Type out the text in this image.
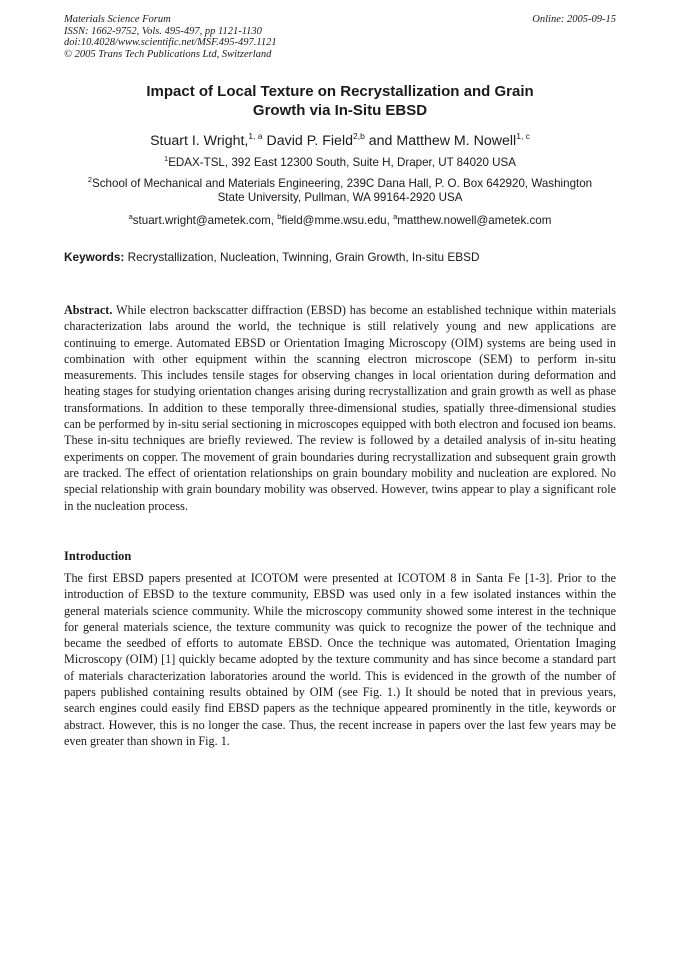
Materials Science Forum
ISSN: 1662-9752, Vols. 495-497, pp 1121-1130
doi:10.4028/www.scientific.net/MSF.495-497.1121
© 2005 Trans Tech Publications Ltd, Switzerland
Online: 2005-09-15
Impact of Local Texture on Recrystallization and Grain
Growth via In-Situ EBSD
Stuart I. Wright,$^{1, a}$ David P. Field$^{2,b}$ and Matthew M. Nowell$^{1, c}$
$^1$EDAX-TSL, 392 East 12300 South, Suite H, Draper, UT 84020 USA
$^2$School of Mechanical and Materials Engineering, 239C Dana Hall, P. O. Box 642920, Washington
State University, Pullman, WA 99164-2920 USA
$^a$stuart.wright@ametek.com, $^b$field@mme.wsu.edu, $^a$matthew.nowell@ametek.com
Keywords: Recrystallization, Nucleation, Twinning, Grain Growth, In-situ EBSD
Abstract. While electron backscatter diffraction (EBSD) has become an established technique within materials characterization labs around the world, the technique is still relatively young and new applications are continuing to emerge. Automated EBSD or Orientation Imaging Microscopy (OIM) systems are being used in combination with other equipment within the scanning electron microscope (SEM) to perform in-situ measurements. This includes tensile stages for observing changes in local orientation during deformation and heating stages for studying orientation changes arising during recrystallization and grain growth as well as phase transformations. In addition to these temporally three-dimensional studies, spatially three-dimensional studies can be performed by in-situ serial sectioning in microscopes equipped with both electron and focused ion beams. These in-situ techniques are briefly reviewed. The review is followed by a detailed analysis of in-situ heating experiments on copper. The movement of grain boundaries during recrystallization and subsequent grain growth are tracked. The effect of orientation relationships on grain boundary mobility and nucleation are explored. No special relationship with grain boundary mobility was observed. However, twins appear to play a significant role in the nucleation process.
Introduction
The first EBSD papers presented at ICOTOM were presented at ICOTOM 8 in Santa Fe [1-3]. Prior to the introduction of EBSD to the texture community, EBSD was used only in a few isolated instances within the general materials science community. While the microscopy community showed some interest in the technique for general materials science, the texture community was quick to recognize the power of the technique and became the seedbed of efforts to automate EBSD. Once the technique was automated, Orientation Imaging Microscopy (OIM) [1] quickly became adopted by the texture community and has since become a standard part of materials characterization laboratories around the world. This is evidenced in the growth of the number of papers published containing results obtained by OIM (see Fig. 1.) It should be noted that in previous years, search engines could easily find EBSD papers as the technique appeared prominently in the title, keywords or abstract. However, this is no longer the case. Thus, the recent increase in papers over the last few years may be even greater than shown in Fig. 1.
